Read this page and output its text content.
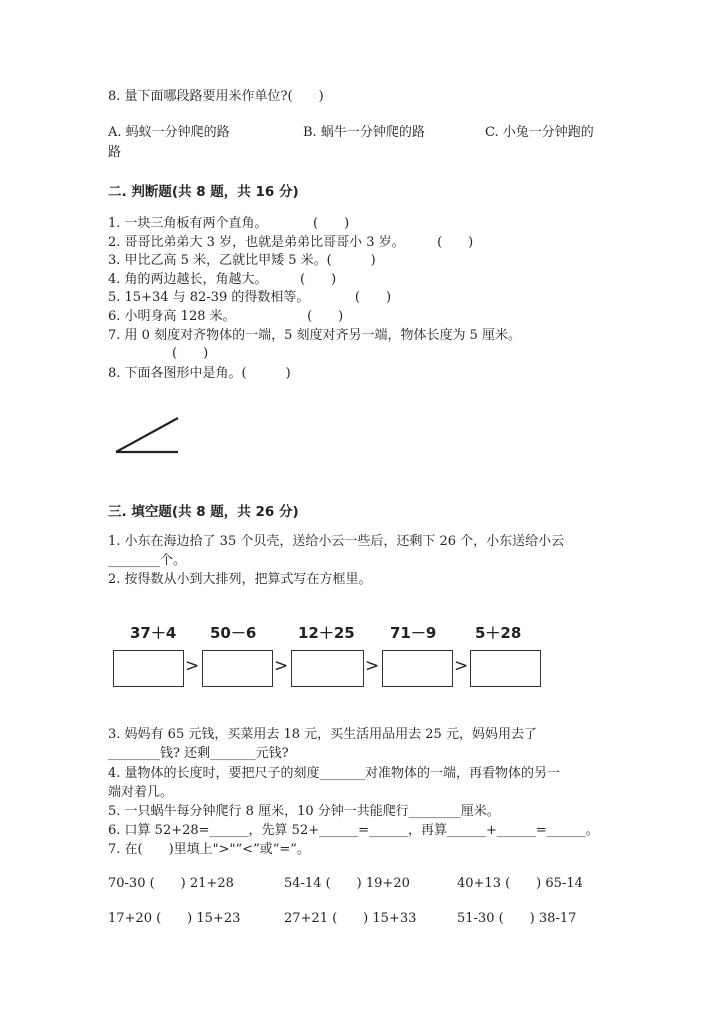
8. 量下面哪段路要用米作单位?(　　)
A. 蚂蚁一分钟爬的路	B. 蜗牛一分钟爬的路	C. 小兔一分钟跑的
路
二. 判断题(共 8 题，共 16 分)
1. 一块三角板有两个直角。　　　　(　　)
2. 哥哥比弟弟大 3 岁，也就是弟弟比哥哥小 3 岁。　　　(　　)
3. 甲比乙高 5 米，乙就比甲矮 5 米。(　　　)
4. 角的两边越长，角越大。　　　(　　)
5. 15+34 与 82-39 的得数相等。　　　　(　　)
6. 小明身高 128 米。　　　　　　(　　)
7. 用 0 刻度对齐物体的一端，5 刻度对齐另一端，物体长度为 5 厘米。
(　　)
8. 下面各图形中是角。(　　　)
三. 填空题(共 8 题，共 26 分)
1. 小东在海边拾了 35 个贝壳，送给小云一些后，还剩下 26 个，小东送给小云
________个。
2. 按得数从小到大排列，把算式写在方框里。
37＋4 50－6	12＋25 71－9	5＋28
>	>	>	>
3. 妈妈有 65 元钱，买菜用去 18 元，买生活用品用去 25 元，妈妈用去了
________钱? 还剩_______元钱?
4. 量物体的长度时，要把尺子的刻度_______对准物体的一端，再看物体的另一
端对着几。
5. 一只蜗牛每分钟爬行 8 厘米，10 分钟一共能爬行________厘米。
6. 口算 52+28=______，先算 52+______=______，再算______+______=______。
7. 在(　　)里填上">"“<”或“=”。
70-30 (　　) 21+28	54-14 (　　) 19+20	40+13 (　　) 65-14
17+20 (　　) 15+23	27+21 (　　) 15+33	51-30 (　　) 38-17
